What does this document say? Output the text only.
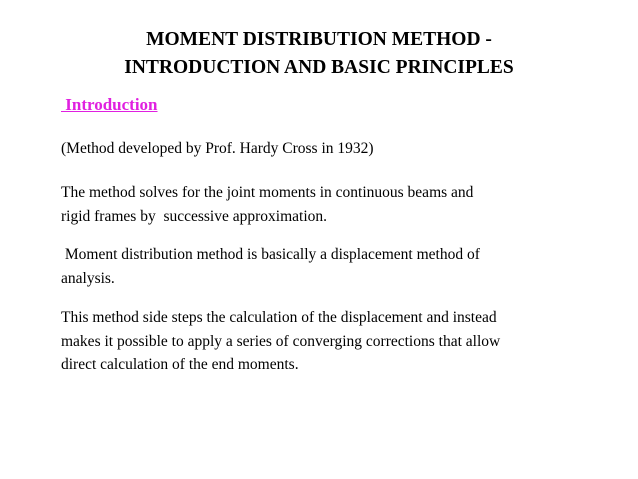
MOMENT DISTRIBUTION METHOD -
INTRODUCTION AND BASIC PRINCIPLES
Introduction

(Method developed by Prof. Hardy Cross in 1932)

The method solves for the joint moments in continuous beams and
rigid frames by  successive approximation.

Moment distribution method is basically a displacement method of
analysis.

This method side steps the calculation of the displacement and instead
makes it possible to apply a series of converging corrections that allow
direct calculation of the end moments.
